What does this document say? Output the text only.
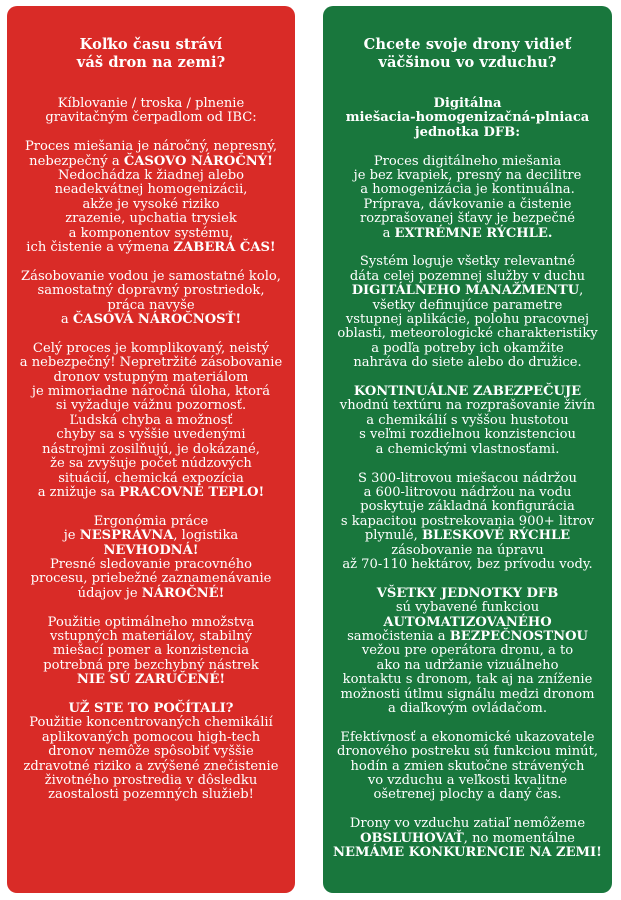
Koľko času stráví
váš dron na zemi?

Kíblovanie / troska / plnenie
gravitačným čerpadlom od IBC:

Proces miešania je náročný, nepresný,
nebezpečný a ČASOVO NÁROČNÝ!
Nedochádza k žiadnej alebo
neadekvátnej homogenizácii,
akže je vysoké riziko
zrazenie, upchatia trysiek
a komponentov systému,
ich čistenie a výmena ZABERÁ ČAS!

Zásobovanie vodou je samostatné kolo,
samostatný dopravný prostriedok,
práca navyše
a ČASOVÁ NÁROČNOSŤ!

Celý proces je komplikovaný, neistý
a nebezpečný! Nepretržité zásobovanie
dronov vstupným materiálom
je mimoriadne náročná úloha, ktorá
si vyžaduje vážnu pozornosť.
Ľudská chyba a možnosť
chyby sa s vyššie uvedenými
nástrojmi zosilňujú, je dokázané,
že sa zvyšuje počet núdzových
situácií, chemická expozícia
a znižuje sa PRACOVNÉ TEPLO!

Ergonómia práce
je NESPRÁVNA, logistika
NEVHODNÁ!
Presné sledovanie pracovného
procesu, priebežné zaznamenávanie
údajov je NÁROČNÉ!

Použitie optimálneho množstva
vstupných materiálov, stabilný
miešací pomer a konzistencia
potrebná pre bezchybný nástrek
NIE SÚ ZARUČENÉ!

UŽ STE TO POČÍTALI?
Použitie koncentrovaných chemikálií
aplikovaných pomocou high-tech
dronov nemôže spôsobiť vyššie
zdravotné riziko a zvýšené znečistenie
životného prostredia v dôsledku
zaostalosti pozemných služieb!

Chcete svoje drony vidieť
väčšinou vo vzduchu?

Digitálna
miešacia-homogenizačná-plniaca
jednotka DFB:

Proces digitálneho miešania
je bez kvapiek, presný na decilitre
a homogenizácia je kontinuálna.
Príprava, dávkovanie a čistenie
rozprašovanej šťavy je bezpečné
a EXTRÉMNE RÝCHLE.

Systém loguje všetky relevantné
dáta celej pozemnej služby v duchu
DIGITÁLNEHO MANAŽMENTU,
všetky definujúce parametre
vstupnej aplikácie, polohu pracovnej
oblasti, meteorologické charakteristiky
a podľa potreby ich okamžite
nahráva do siete alebo do družice.

KONTINUÁLNE ZABEZPEČUJE
vhodnú textúru na rozprašovanie živín
a chemikálií s vyššou hustotou
s veľmi rozdielnou konzistenciou
a chemickými vlastnosťami.

S 300-litrovou miešacou nádržou
a 600-litrovou nádržou na vodu
poskytuje základná konfigurácia
s kapacitou postrekovania 900+ litrov
plynulé, BLESKOVÉ RÝCHLE
zásobovanie na úpravu
až 70-110 hektárov, bez prívodu vody.

VŠETKY JEDNOTKY DFB
sú vybavené funkciou
AUTOMATIZOVANÉHO
samočistenia a BEZPEČNOSTNOU
vežou pre operátora dronu, a to
ako na udržanie vizuálneho
kontaktu s dronom, tak aj na zníženie
možnosti útlmu signálu medzi dronom
a diaľkovým ovládačom.

Efektívnosť a ekonomické ukazovatele
dronového postreku sú funkciou minút,
hodín a zmien skutočne strávených
vo vzduchu a veľkosti kvalitne
ošetrenej plochy a daný čas.

Drony vo vzduchu zatiaľ nemôžeme
OBSLUHOVAŤ, no momentálne
NEMÁME KONKURENCIE NA ZEMI!
